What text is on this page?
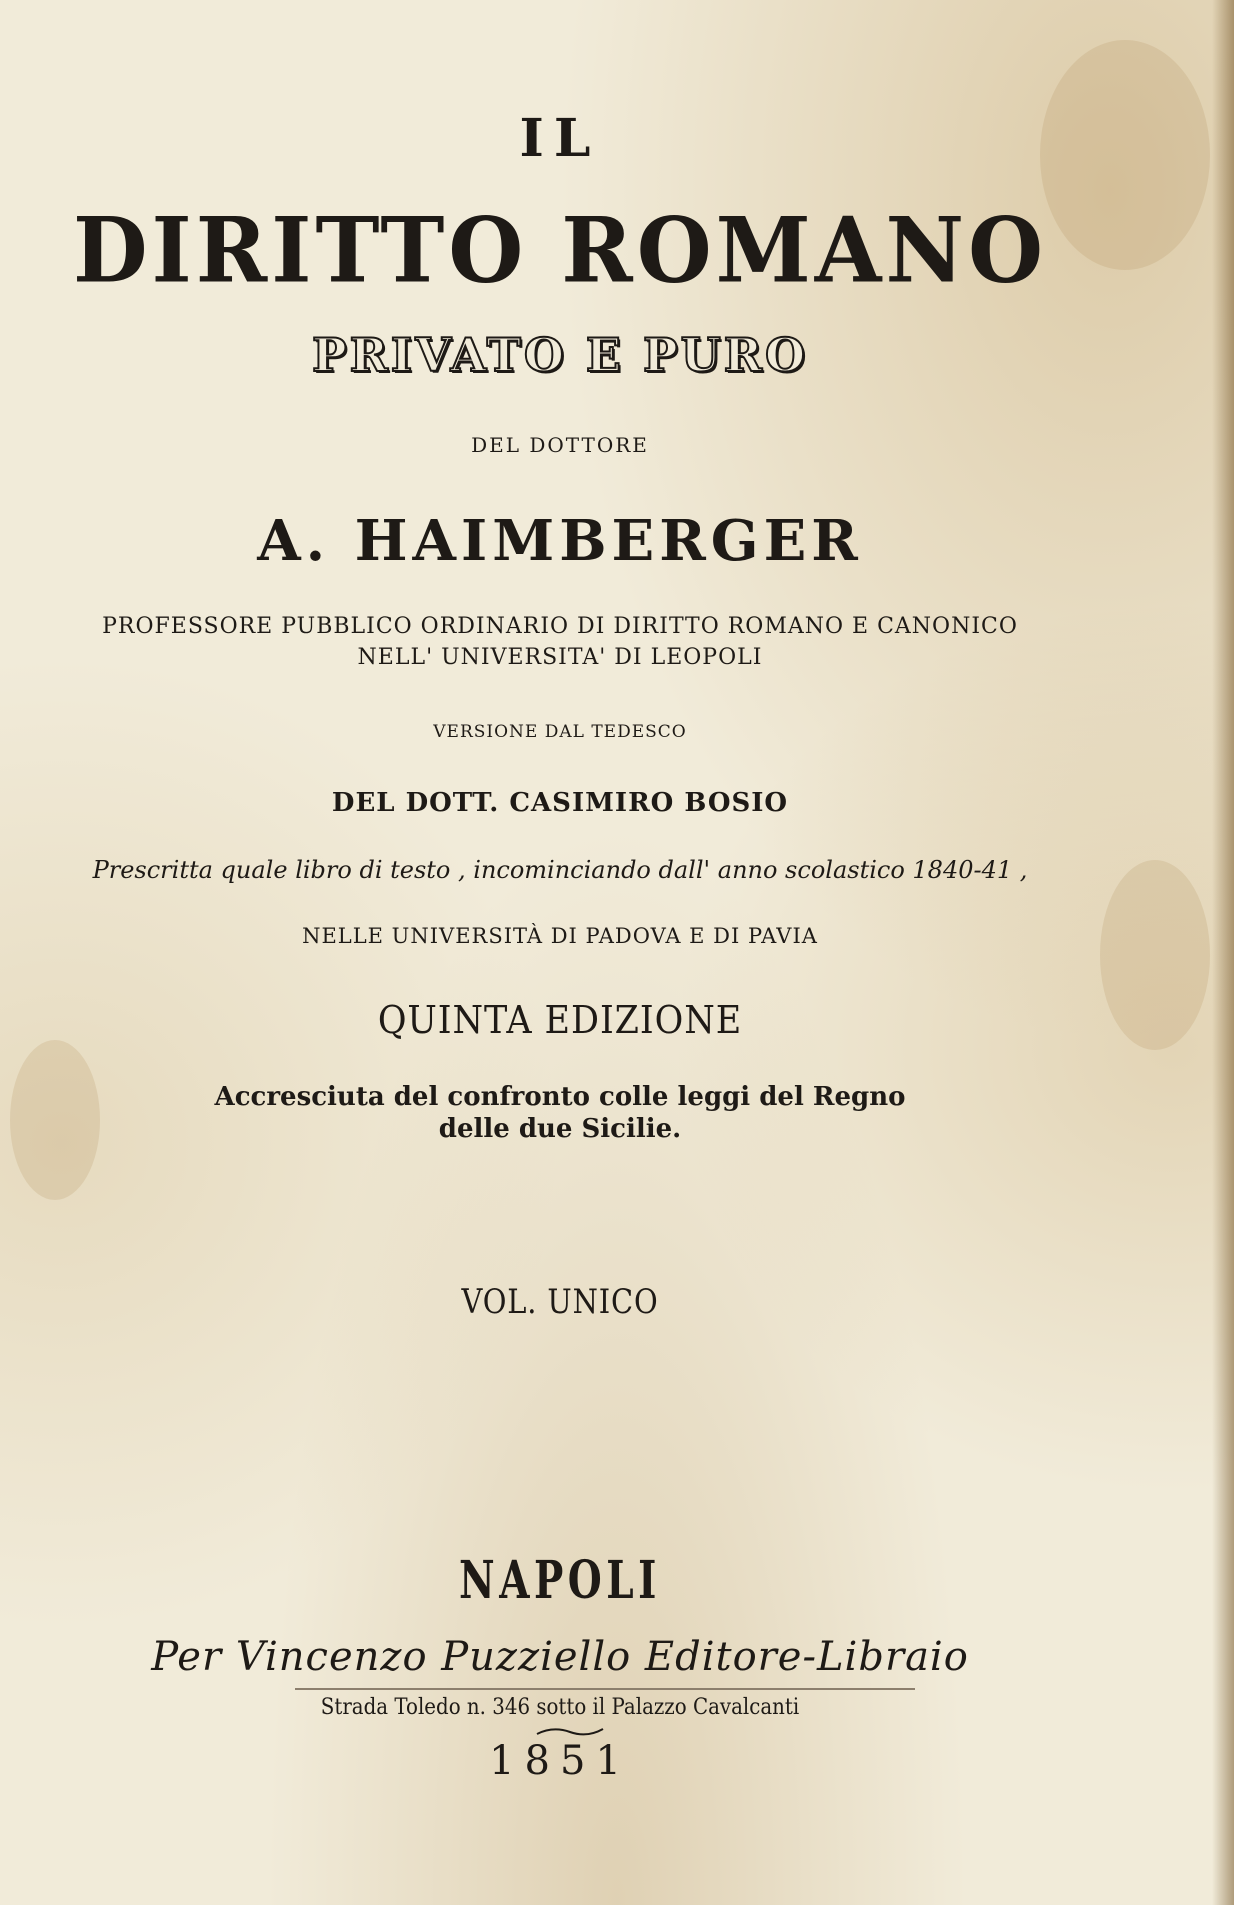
IL
DIRITTO ROMANO
PRIVATO E PURO
DEL DOTTORE
A. HAIMBERGER
PROFESSORE PUBBLICO ORDINARIO DI DIRITTO ROMANO E CANONICO
NELL' UNIVERSITA' DI LEOPOLI
VERSIONE DAL TEDESCO
DEL DOTT. CASIMIRO BOSIO
Prescritta quale libro di testo , incominciando dall' anno scolastico 1840-41 ,
NELLE UNIVERSITÀ DI PADOVA E DI PAVIA
QUINTA EDIZIONE
Accresciuta del confronto colle leggi del Regno
delle due Sicilie.
VOL. UNICO
NAPOLI
Per Vincenzo Puzziello Editore-Libraio
Strada Toledo n. 346 sotto il Palazzo Cavalcanti
1851
